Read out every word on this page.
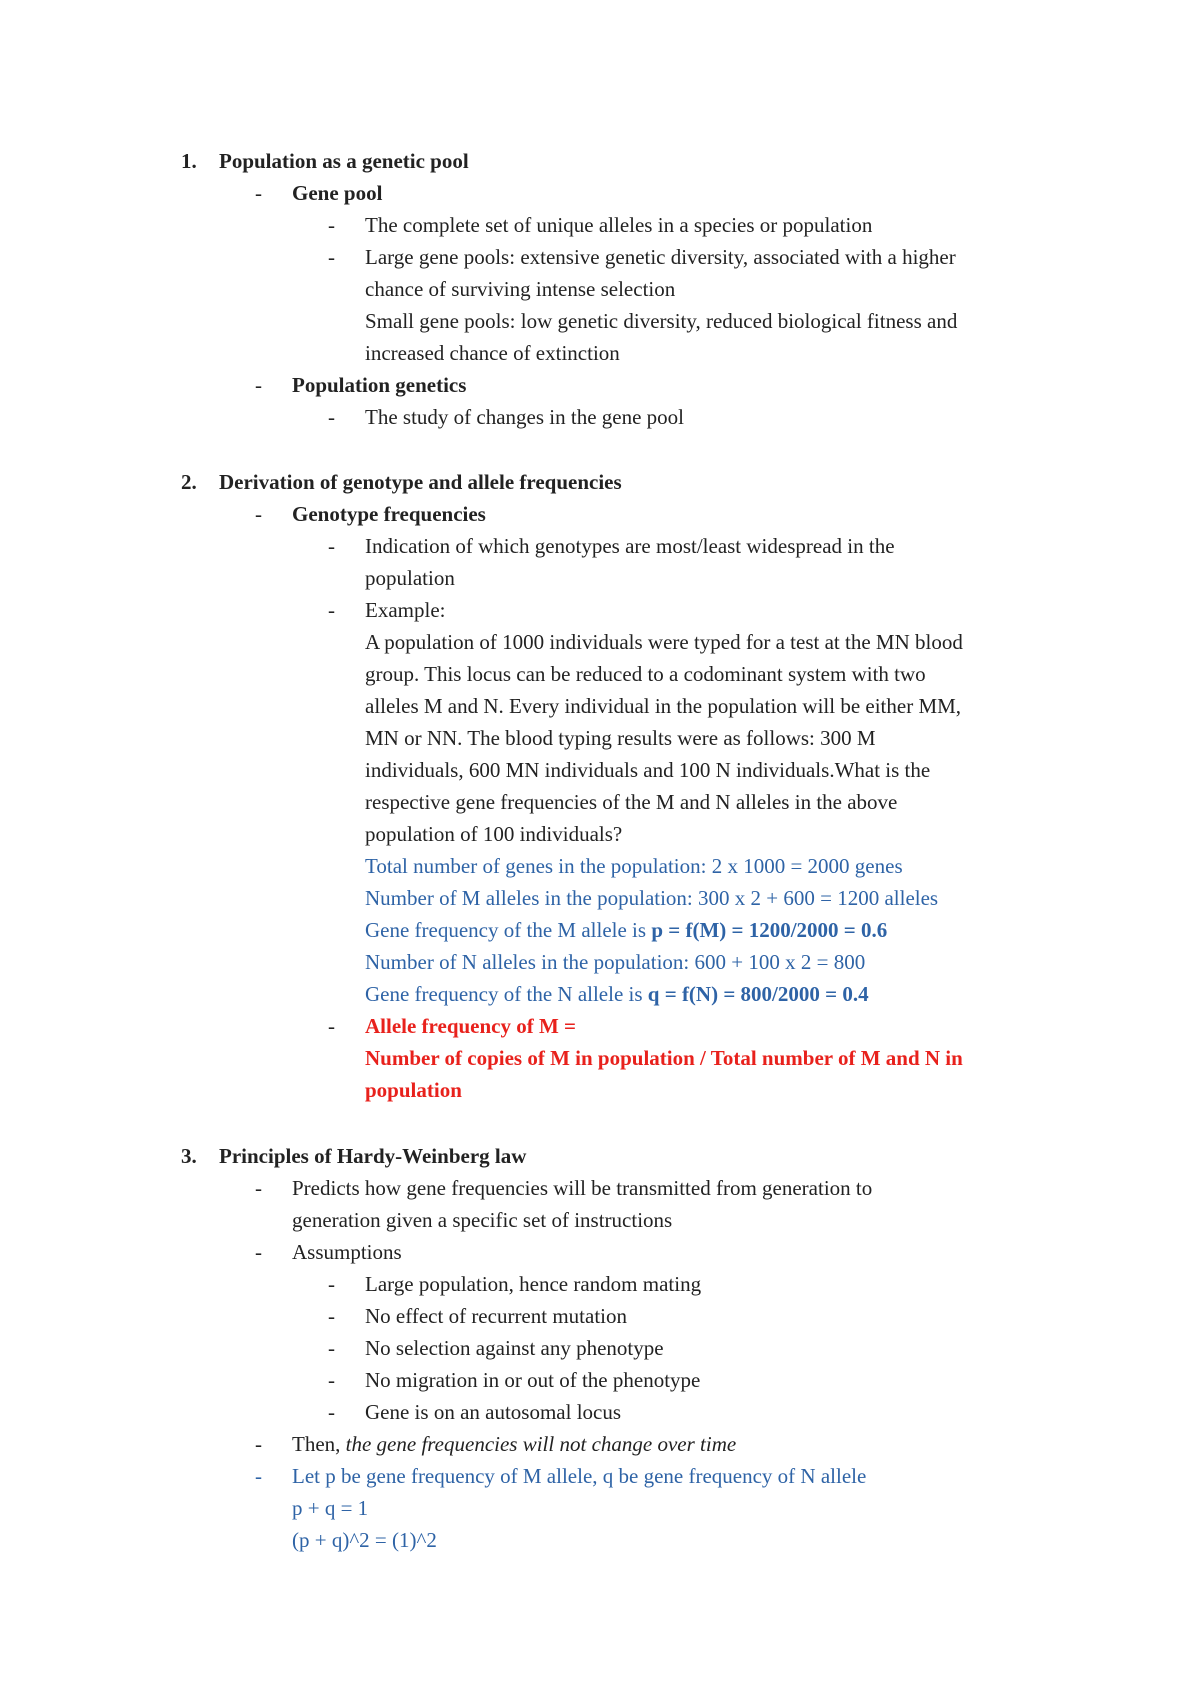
1. Population as a genetic pool
- Gene pool
- The complete set of unique alleles in a species or population
- Large gene pools: extensive genetic diversity, associated with a higher
chance of surviving intense selection
Small gene pools: low genetic diversity, reduced biological fitness and
increased chance of extinction
- Population genetics
- The study of changes in the gene pool
2. Derivation of genotype and allele frequencies
- Genotype frequencies
- Indication of which genotypes are most/least widespread in the
population
- Example:
A population of 1000 individuals were typed for a test at the MN blood
group. This locus can be reduced to a codominant system with two
alleles M and N. Every individual in the population will be either MM,
MN or NN. The blood typing results were as follows: 300 M
individuals, 600 MN individuals and 100 N individuals.What is the
respective gene frequencies of the M and N alleles in the above
population of 100 individuals?
Total number of genes in the population: 2 x 1000 = 2000 genes
Number of M alleles in the population: 300 x 2 + 600 = 1200 alleles
Gene frequency of the M allele is p = f(M) = 1200/2000 = 0.6
Number of N alleles in the population: 600 + 100 x 2 = 800
Gene frequency of the N allele is q = f(N) = 800/2000 = 0.4
- Allele frequency of M =
Number of copies of M in population / Total number of M and N in
population
3. Principles of Hardy-Weinberg law
- Predicts how gene frequencies will be transmitted from generation to
generation given a specific set of instructions
- Assumptions
- Large population, hence random mating
- No effect of recurrent mutation
- No selection against any phenotype
- No migration in or out of the phenotype
- Gene is on an autosomal locus
- Then, the gene frequencies will not change over time
- Let p be gene frequency of M allele, q be gene frequency of N allele
p + q = 1
(p + q)^2 = (1)^2
